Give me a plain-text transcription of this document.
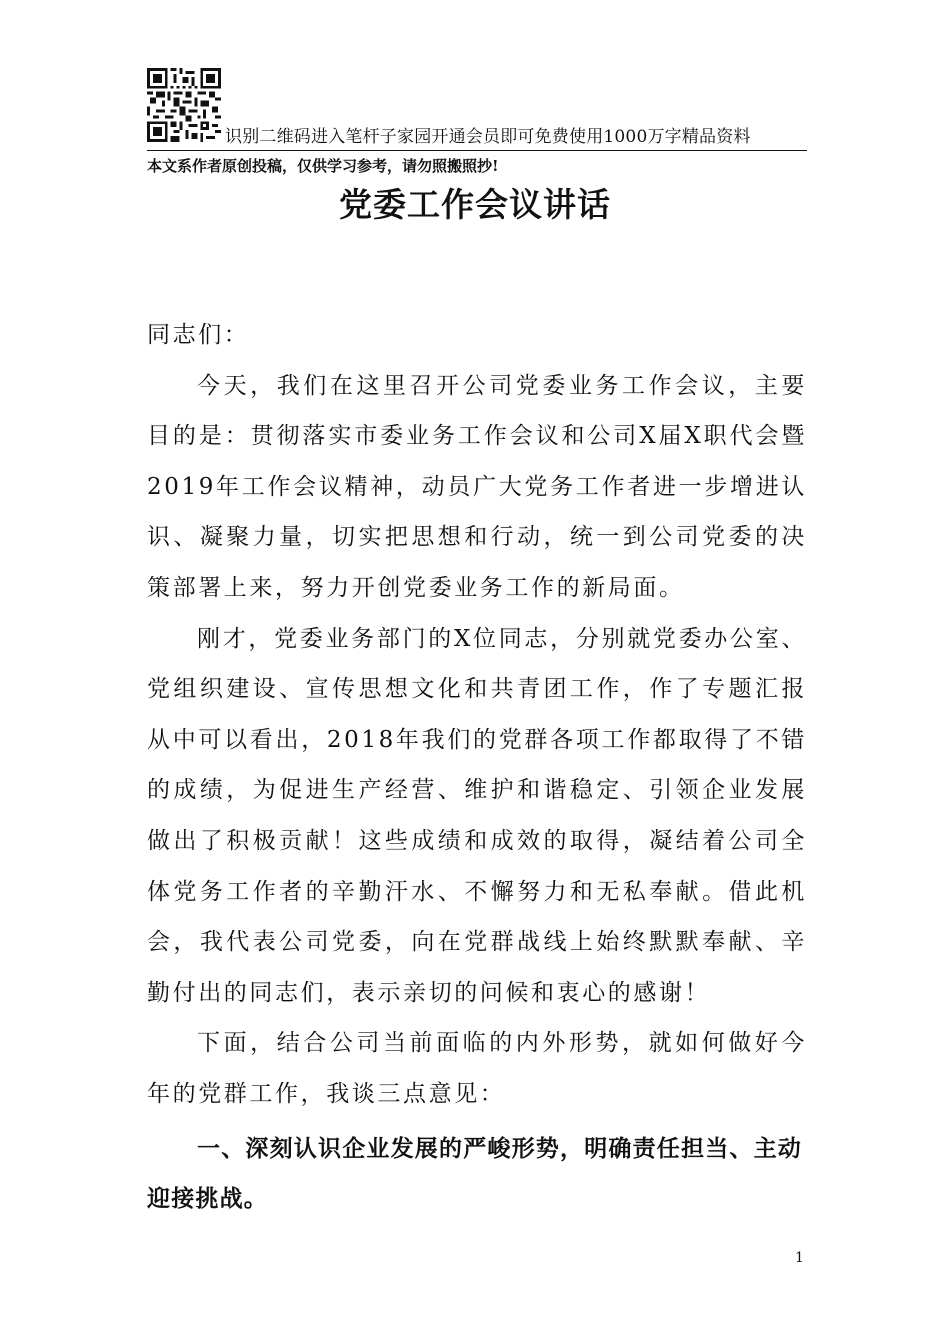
识别二维码进入笔杆子家园开通会员即可免费使用1000万字精品资料
本文系作者原创投稿，仅供学习参考，请勿照搬照抄!
党委工作会议讲话

同志们：

今天，我们在这里召开公司党委业务工作会议，主要目的是：贯彻落实市委业务工作会议和公司X届X职代会暨2019年工作会议精神，动员广大党务工作者进一步增进认识、凝聚力量，切实把思想和行动，统一到公司党委的决策部署上来，努力开创党委业务工作的新局面。

刚才，党委业务部门的X位同志，分别就党委办公室、党组织建设、宣传思想文化和共青团工作，作了专题汇报从中可以看出，2018年我们的党群各项工作都取得了不错的成绩，为促进生产经营、维护和谐稳定、引领企业发展做出了积极贡献！这些成绩和成效的取得，凝结着公司全体党务工作者的辛勤汗水、不懈努力和无私奉献。借此机会，我代表公司党委，向在党群战线上始终默默奉献、辛勤付出的同志们，表示亲切的问候和衷心的感谢！

下面，结合公司当前面临的内外形势，就如何做好今年的党群工作，我谈三点意见：

一、深刻认识企业发展的严峻形势，明确责任担当、主动迎接挑战。

1
